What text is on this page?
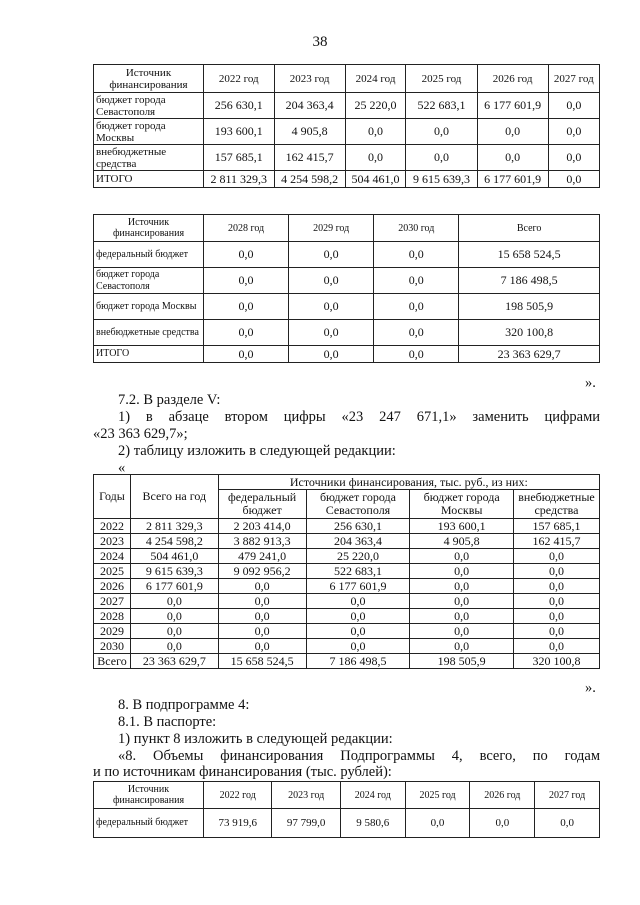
38
Источник финансирования	2022 год	2023 год	2024 год	2025 год	2026 год	2027 год
бюджет города Севастополя	256 630,1	204 363,4	25 220,0	522 683,1	6 177 601,9	0,0
бюджет города Москвы	193 600,1	4 905,8	0,0	0,0	0,0	0,0
внебюджетные средства	157 685,1	162 415,7	0,0	0,0	0,0	0,0
ИТОГО	2 811 329,3	4 254 598,2	504 461,0	9 615 639,3	6 177 601,9	0,0
Источник финансирования	2028 год	2029 год	2030 год	Всего
федеральный бюджет	0,0	0,0	0,0	15 658 524,5
бюджет города Севастополя	0,0	0,0	0,0	7 186 498,5
бюджет города Москвы	0,0	0,0	0,0	198 505,9
внебюджетные средства	0,0	0,0	0,0	320 100,8
ИТОГО	0,0	0,0	0,0	23 363 629,7
».
7.2. В разделе V:
1) в абзаце втором цифры «23 247 671,1» заменить цифрами
«23 363 629,7»;
2) таблицу изложить в следующей редакции:
«
Годы	Всего на год	Источники финансирования, тыс. руб., из них:			
		федеральный бюджет	бюджет города Севастополя	бюджет города Москвы	внебюджетные средства
2022	2 811 329,3	2 203 414,0	256 630,1	193 600,1	157 685,1
2023	4 254 598,2	3 882 913,3	204 363,4	4 905,8	162 415,7
2024	504 461,0	479 241,0	25 220,0	0,0	0,0
2025	9 615 639,3	9 092 956,2	522 683,1	0,0	0,0
2026	6 177 601,9	0,0	6 177 601,9	0,0	0,0
2027	0,0	0,0	0,0	0,0	0,0
2028	0,0	0,0	0,0	0,0	0,0
2029	0,0	0,0	0,0	0,0	0,0
2030	0,0	0,0	0,0	0,0	0,0
Всего	23 363 629,7	15 658 524,5	7 186 498,5	198 505,9	320 100,8
».
8. В подпрограмме 4:
8.1. В паспорте:
1) пункт 8 изложить в следующей редакции:
«8. Объемы финансирования Подпрограммы 4, всего, по годам
и по источникам финансирования (тыс. рублей):
Источник финансирования	2022 год	2023 год	2024 год	2025 год	2026 год	2027 год
федеральный бюджет	73 919,6	97 799,0	9 580,6	0,0	0,0	0,0
